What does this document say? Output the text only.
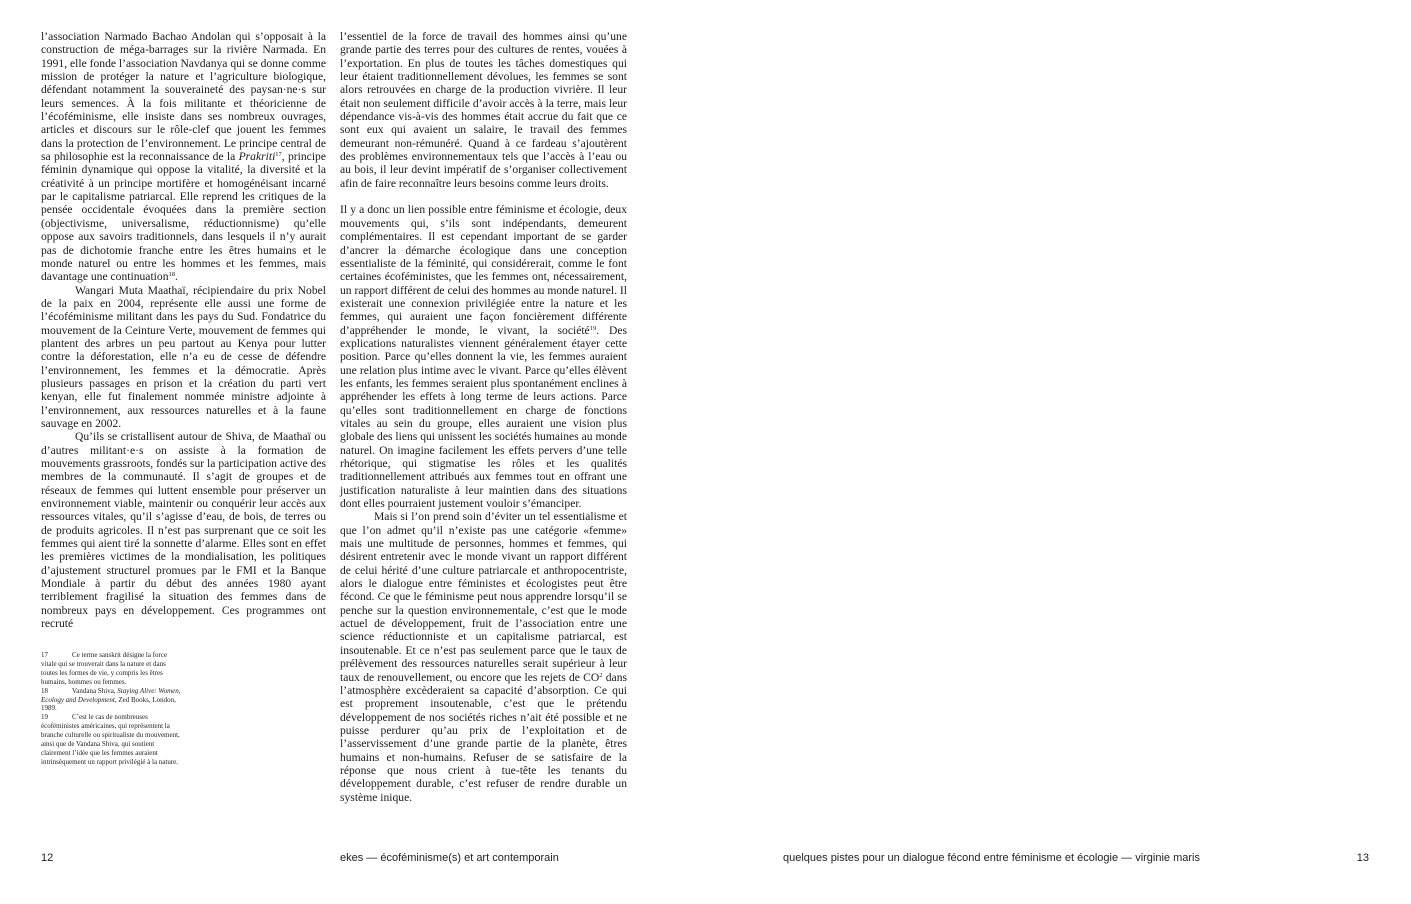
l’association Narmado Bachao Andolan qui s’opposait à la construction de méga-barrages sur la rivière Narmada. En 1991, elle fonde l’association Navdanya qui se donne comme mission de protéger la nature et l’agriculture biologique, défendant notamment la souveraineté des paysan·ne·s sur leurs semences. À la fois militante et théoricienne de l’écoféminisme, elle insiste dans ses nombreux ouvrages, articles et discours sur le rôle-clef que jouent les femmes dans la protection de l’environnement. Le principe central de sa philosophie est la reconnaissance de la Prakriti$^{17}$, principe féminin dynamique qui oppose la vitalité, la diversité et la créativité à un principe mortifère et homogénéisant incarné par le capitalisme patriarcal. Elle reprend les critiques de la pensée occidentale évoquées dans la première section (objectivisme, universalisme, réductionnisme) qu’elle oppose aux savoirs traditionnels, dans lesquels il n’y aurait pas de dichotomie franche entre les êtres humains et le monde naturel ou entre les hommes et les femmes, mais davantage une continuation$^{18}$.

Wangari Muta Maathaï, récipiendaire du prix Nobel de la paix en 2004, représente elle aussi une forme de l’écoféminisme militant dans les pays du Sud. Fondatrice du mouvement de la Ceinture Verte, mouvement de femmes qui plantent des arbres un peu partout au Kenya pour lutter contre la déforestation, elle n’a eu de cesse de défendre l’environnement, les femmes et la démocratie. Après plusieurs passages en prison et la création du parti vert kenyan, elle fut finalement nommée ministre adjointe à l’environnement, aux ressources naturelles et à la faune sauvage en 2002.

Qu’ils se cristallisent autour de Shiva, de Maathaï ou d’autres militant·e·s on assiste à la formation de mouvements grassroots, fondés sur la participation active des membres de la communauté. Il s’agit de groupes et de réseaux de femmes qui luttent ensemble pour préserver un environnement viable, maintenir ou conquérir leur accès aux ressources vitales, qu’il s’agisse d’eau, de bois, de terres ou de produits agricoles. Il n’est pas surprenant que ce soit les femmes qui aient tiré la sonnette d’alarme. Elles sont en effet les premières victimes de la mondialisation, les politiques d’ajustement structurel promues par le FMI et la Banque Mondiale à partir du début des années 1980 ayant terriblement fragilisé la situation des femmes dans de nombreux pays en développement. Ces programmes ont recruté

17	Ce terme sanskrit désigne la force vitale qui se trouverait dans la nature et dans toutes les formes de vie, y compris les êtres humains, hommes ou femmes.

18	Vandana Shiva, Staying Alive: Women, Ecology and Development, Zed Books, London, 1989.

19	C’est le cas de nombreuses écoféministes américaines, qui représentent la branche culturelle ou spiritualiste du mouvement, ainsi que de Vandana Shiva, qui soutient clairement l’idée que les femmes auraient intrinsèquement un rapport privilégié à la nature.

l’essentiel de la force de travail des hommes ainsi qu’une grande partie des terres pour des cultures de rentes, vouées à l’exportation. En plus de toutes les tâches domestiques qui leur étaient traditionnellement dévolues, les femmes se sont alors retrouvées en charge de la production vivrière. Il leur était non seulement difficile d’avoir accès à la terre, mais leur dépendance vis-à-vis des hommes était accrue du fait que ce sont eux qui avaient un salaire, le travail des femmes demeurant non-rémunéré. Quand à ce fardeau s’ajoutèrent des problèmes environnementaux tels que l’accès à l’eau ou au bois, il leur devint impératif de s’organiser collectivement afin de faire reconnaître leurs besoins comme leurs droits.

Il y a donc un lien possible entre féminisme et écologie, deux mouvements qui, s’ils sont indépendants, demeurent complémentaires. Il est cependant important de se garder d’ancrer la démarche écologique dans une conception essentialiste de la féminité, qui considérerait, comme le font certaines écoféministes, que les femmes ont, nécessairement, un rapport différent de celui des hommes au monde naturel. Il existerait une connexion privilégiée entre la nature et les femmes, qui auraient une façon foncièrement différente d’appréhender le monde, le vivant, la société$^{19}$. Des explications naturalistes viennent généralement étayer cette position. Parce qu’elles donnent la vie, les femmes auraient une relation plus intime avec le vivant. Parce qu’elles élèvent les enfants, les femmes seraient plus spontanément enclines à appréhender les effets à long terme de leurs actions. Parce qu’elles sont traditionnellement en charge de fonctions vitales au sein du groupe, elles auraient une vision plus globale des liens qui unissent les sociétés humaines au monde naturel. On imagine facilement les effets pervers d’une telle rhétorique, qui stigmatise les rôles et les qualités traditionnellement attribués aux femmes tout en offrant une justification naturaliste à leur maintien dans des situations dont elles pourraient justement vouloir s’émanciper.

Mais si l’on prend soin d’éviter un tel essentialisme et que l’on admet qu’il n’existe pas une catégorie «femme» mais une multitude de personnes, hommes et femmes, qui désirent entretenir avec le monde vivant un rapport différent de celui hérité d’une culture patriarcale et anthropocentriste, alors le dialogue entre féministes et écologistes peut être fécond. Ce que le féminisme peut nous apprendre lorsqu’il se penche sur la question environnementale, c’est que le mode actuel de développement, fruit de l’association entre une science réductionniste et un capitalisme patriarcal, est insoutenable. Et ce n’est pas seulement parce que le taux de prélèvement des ressources naturelles serait supérieur à leur taux de renouvellement, ou encore que les rejets de $CO^2$ dans l’atmosphère excèderaient sa capacité d’absorption. Ce qui est proprement insoutenable, c’est que le prétendu développement de nos sociétés riches n’ait été possible et ne puisse perdurer qu’au prix de l’exploitation et de l’asservissement d’une grande partie de la planète, êtres humains et non-humains. Refuser de se satisfaire de la réponse que nous crient à tue-tête les tenants du développement durable, c’est refuser de rendre durable un système inique.

12	ekes — écoféminisme(s) et art contemporain	quelques pistes pour un dialogue fécond entre féminisme et écologie — virginie maris	13
